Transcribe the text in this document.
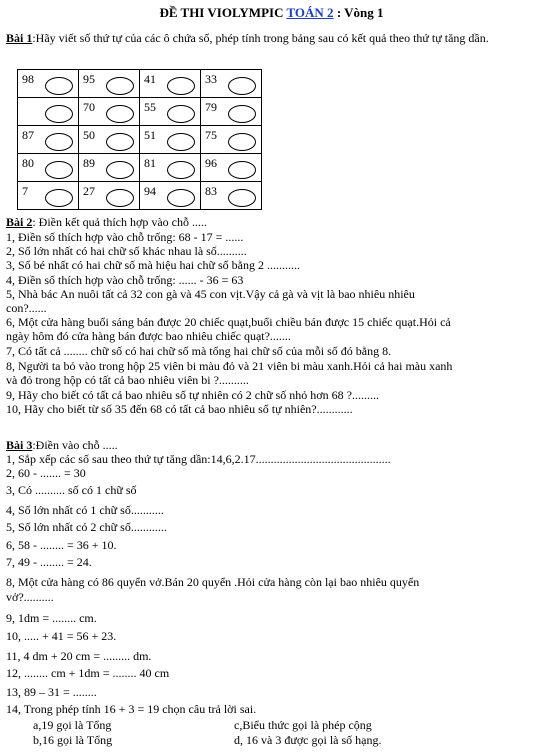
ĐỀ THI VIOLYMPIC TOÁN 2 : Vòng 1
Bài 1:Hãy viết số thứ tự của các ô chứa số, phép tính trong bảng sau có kết quả theo thứ tự tăng dần.
98	95	41	33

	70	55	79

87	50	51	75

80	89	81	96

7	27	94	83
Bài 2: Điền kết quả thích hợp vào chỗ .....
1, Điền số thích hợp vào chỗ trống: 68 - 17 = ......
2, Số lớn nhất có hai chữ số khác nhau là số..........
3, Số bé nhất có hai chữ số mà hiệu hai chữ số bằng 2 ...........
4, Điền số thích hợp vào chỗ trống: ...... - 36 = 63
5, Nhà bác An nuôi tất cả 32 con gà và 45 con vịt.Vậy cả gà và vịt là bao nhiêu nhiêu
con?......
6, Một cửa hàng buổi sáng bán được 20 chiếc quạt,buổi chiều bán được 15 chiếc quạt.Hỏi cả
ngày hôm đó cửa hàng bán được bao nhiêu chiếc quạt?.......
7, Có tất cả ........ chữ số có hai chữ số mà tổng hai chữ số của mỗi số đó bằng 8.
8, Người ta bỏ vào trong hộp 25 viên bi màu đỏ và 21 viên bi màu xanh.Hỏi cả hai màu xanh
và đỏ trong hộp có tất cả bao nhiêu viên bi ?..........
9, Hãy cho biết có tất cả bao nhiêu số tự nhiên có 2 chữ số nhỏ hơn 68 ?.........
10, Hãy cho biết từ số 35 đến 68 có tất cả bao nhiêu số tự nhiên?............
Bài 3:Điền vào chỗ .....
1, Sắp xếp các số sau theo thứ tự tăng dần:14,6,2.17.............................................
2, 60 - ....... = 30
3, Có .......... số có 1 chữ số
4, Số lớn nhất có 1 chữ số...........
5, Số lớn nhất có 2 chữ số............
6, 58 - ........ = 36 + 10.
7, 49 - ........ = 24.
8, Một cửa hàng có 86 quyển vở.Bán 20 quyển .Hỏi cửa hàng còn lại bao nhiêu quyển
vở?..........
9, 1dm = ........ cm.
10, ..... + 41 = 56 + 23.
11, 4 dm + 20 cm = ......... dm.
12, ........ cm + 1dm = ........ 40 cm
13, 89 – 31 = ........
14, Trong phép tính 16 + 3 = 19 chọn câu trả lời sai.
a,19 gọi là Tổng	c,Biểu thức gọi là phép cộng
b,16 gọi là Tổng	d, 16 và 3 được gọi là số hạng.
